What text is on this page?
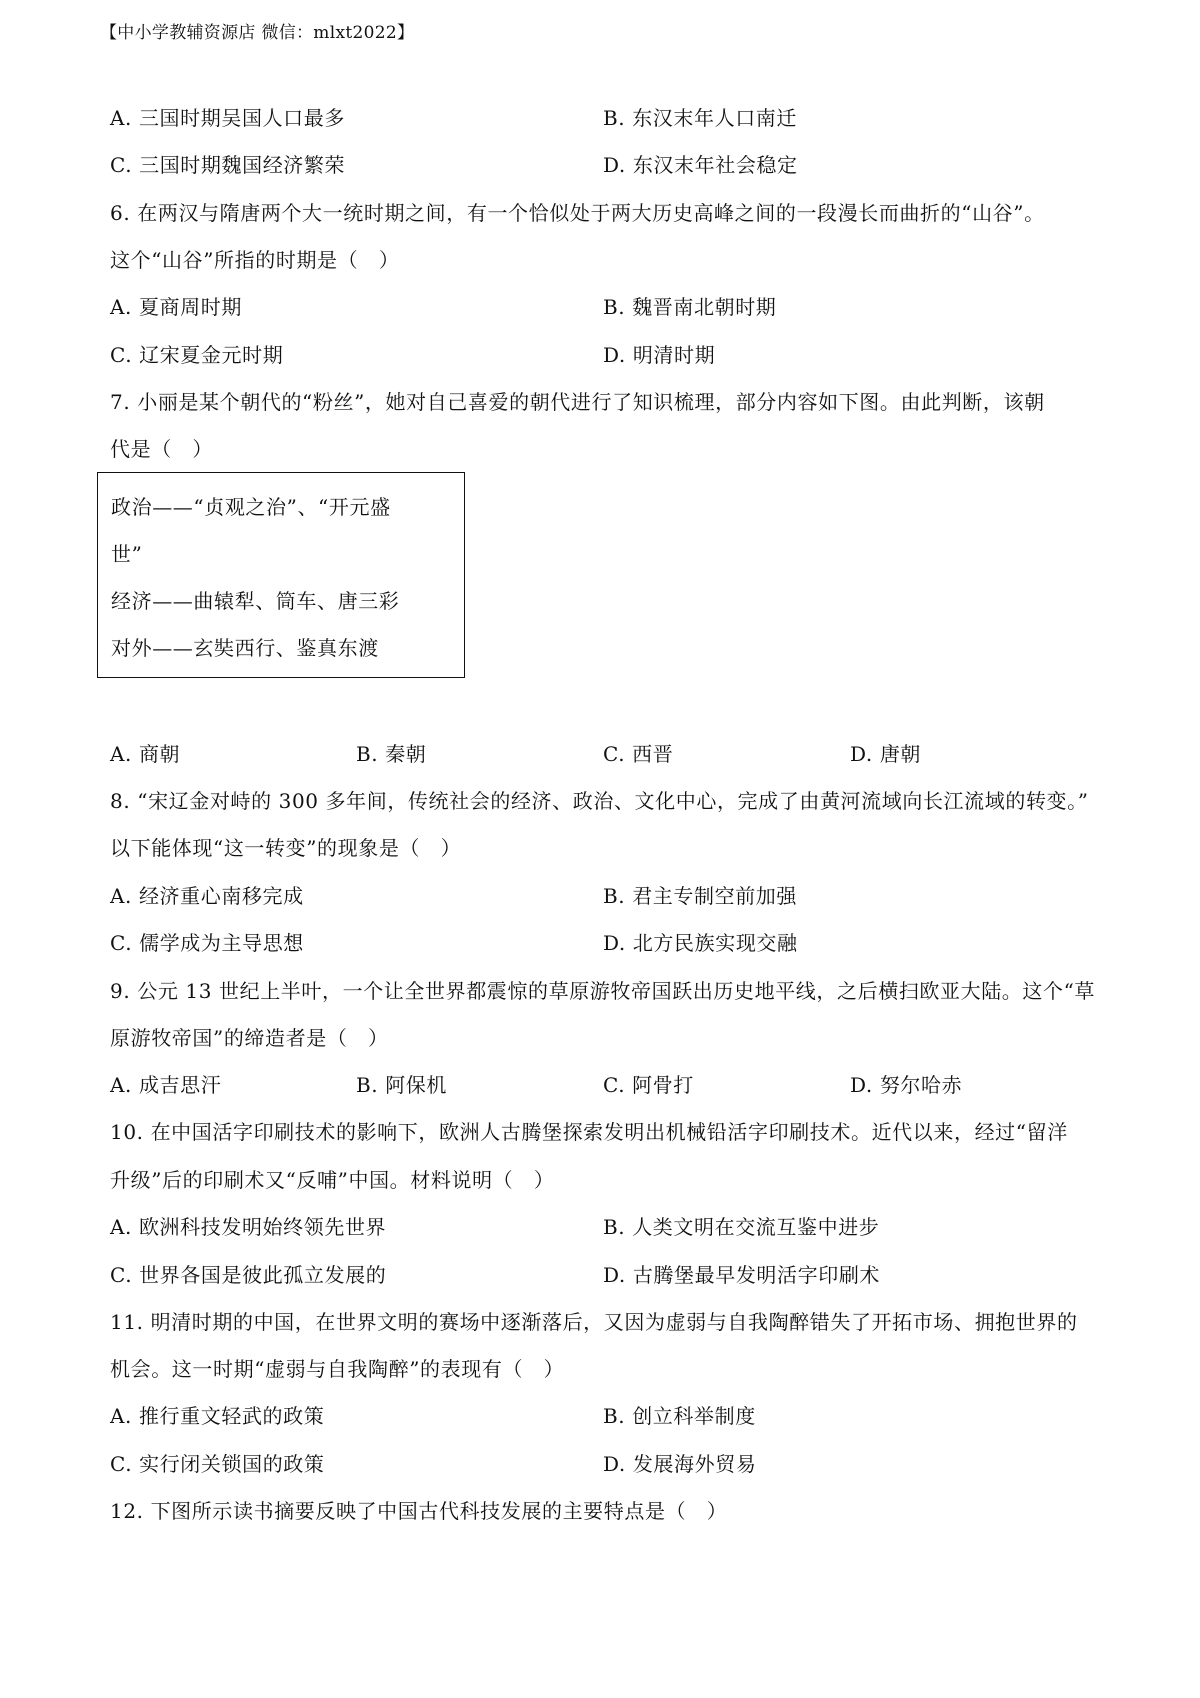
【中小学教辅资源店 微信：mlxt2022】
A. 三国时期吴国人口最多	B. 东汉末年人口南迁
C. 三国时期魏国经济繁荣	D. 东汉末年社会稳定
6. 在两汉与隋唐两个大一统时期之间，有一个恰似处于两大历史高峰之间的一段漫长而曲折的“山谷”。
这个“山谷”所指的时期是（　）
A. 夏商周时期	B. 魏晋南北朝时期
C. 辽宋夏金元时期	D. 明清时期
7. 小丽是某个朝代的“粉丝”，她对自己喜爱的朝代进行了知识梳理，部分内容如下图。由此判断，该朝
代是（　）
政治——“贞观之治”、“开元盛
世”
经济——曲辕犁、筒车、唐三彩
对外——玄奘西行、鉴真东渡
A. 商朝	B. 秦朝	C. 西晋	D. 唐朝
8. “宋辽金对峙的 300 多年间，传统社会的经济、政治、文化中心，完成了由黄河流域向长江流域的转变。”
以下能体现“这一转变”的现象是（　）
A. 经济重心南移完成	B. 君主专制空前加强
C. 儒学成为主导思想	D. 北方民族实现交融
9. 公元 13 世纪上半叶，一个让全世界都震惊的草原游牧帝国跃出历史地平线，之后横扫欧亚大陆。这个“草
原游牧帝国”的缔造者是（　）
A. 成吉思汗	B. 阿保机	C. 阿骨打	D. 努尔哈赤
10. 在中国活字印刷技术的影响下，欧洲人古腾堡探索发明出机械铅活字印刷技术。近代以来，经过“留洋
升级”后的印刷术又“反哺”中国。材料说明（　）
A. 欧洲科技发明始终领先世界	B. 人类文明在交流互鉴中进步
C. 世界各国是彼此孤立发展的	D. 古腾堡最早发明活字印刷术
11. 明清时期的中国，在世界文明的赛场中逐渐落后，又因为虚弱与自我陶醉错失了开拓市场、拥抱世界的
机会。这一时期“虚弱与自我陶醉”的表现有（　）
A. 推行重文轻武的政策	B. 创立科举制度
C. 实行闭关锁国的政策	D. 发展海外贸易
12. 下图所示读书摘要反映了中国古代科技发展的主要特点是（　）
